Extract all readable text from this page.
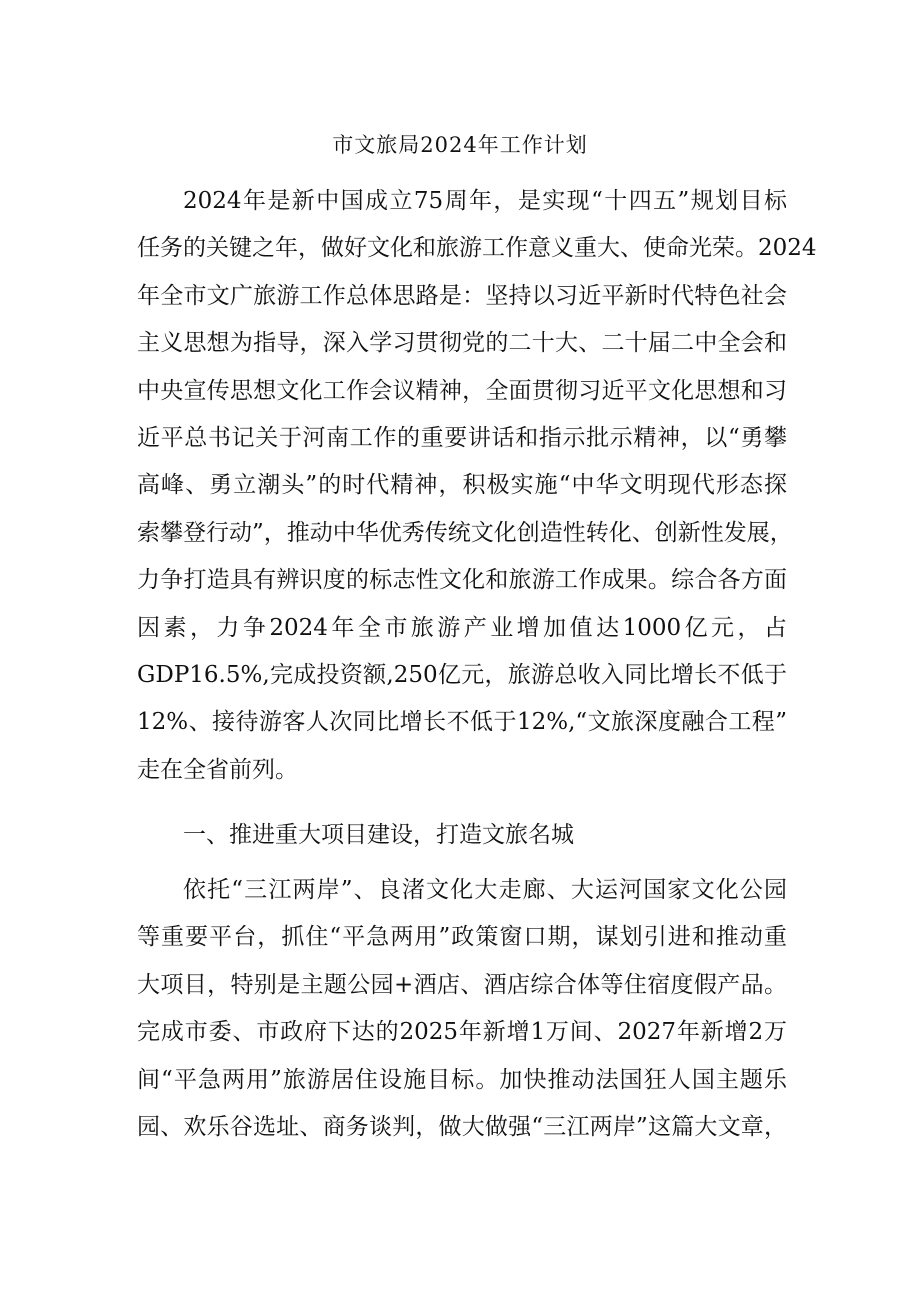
市文旅局2024年工作计划
2024年是新中国成立75周年，是实现“十四五”规划目标
任务的关键之年，做好文化和旅游工作意义重大、使命光荣。2024
年全市文广旅游工作总体思路是：坚持以习近平新时代特色社会
主义思想为指导，深入学习贯彻党的二十大、二十届二中全会和
中央宣传思想文化工作会议精神，全面贯彻习近平文化思想和习
近平总书记关于河南工作的重要讲话和指示批示精神，以“勇攀
高峰、勇立潮头”的时代精神，积极实施“中华文明现代形态探
索攀登行动”，推动中华优秀传统文化创造性转化、创新性发展，
力争打造具有辨识度的标志性文化和旅游工作成果。综合各方面
因素，力争2024年全市旅游产业增加值达1000亿元，占
GDP16.5%,完成投资额,250亿元，旅游总收入同比增长不低于
12%、接待游客人次同比增长不低于12%,“文旅深度融合工程”
走在全省前列。
一、推进重大项目建设，打造文旅名城
依托“三江两岸”、良渚文化大走廊、大运河国家文化公园
等重要平台，抓住“平急两用”政策窗口期，谋划引进和推动重
大项目，特别是主题公园+酒店、酒店综合体等住宿度假产品。
完成市委、市政府下达的2025年新增1万间、2027年新增2万
间“平急两用”旅游居住设施目标。加快推动法国狂人国主题乐
园、欢乐谷选址、商务谈判，做大做强“三江两岸”这篇大文章，
